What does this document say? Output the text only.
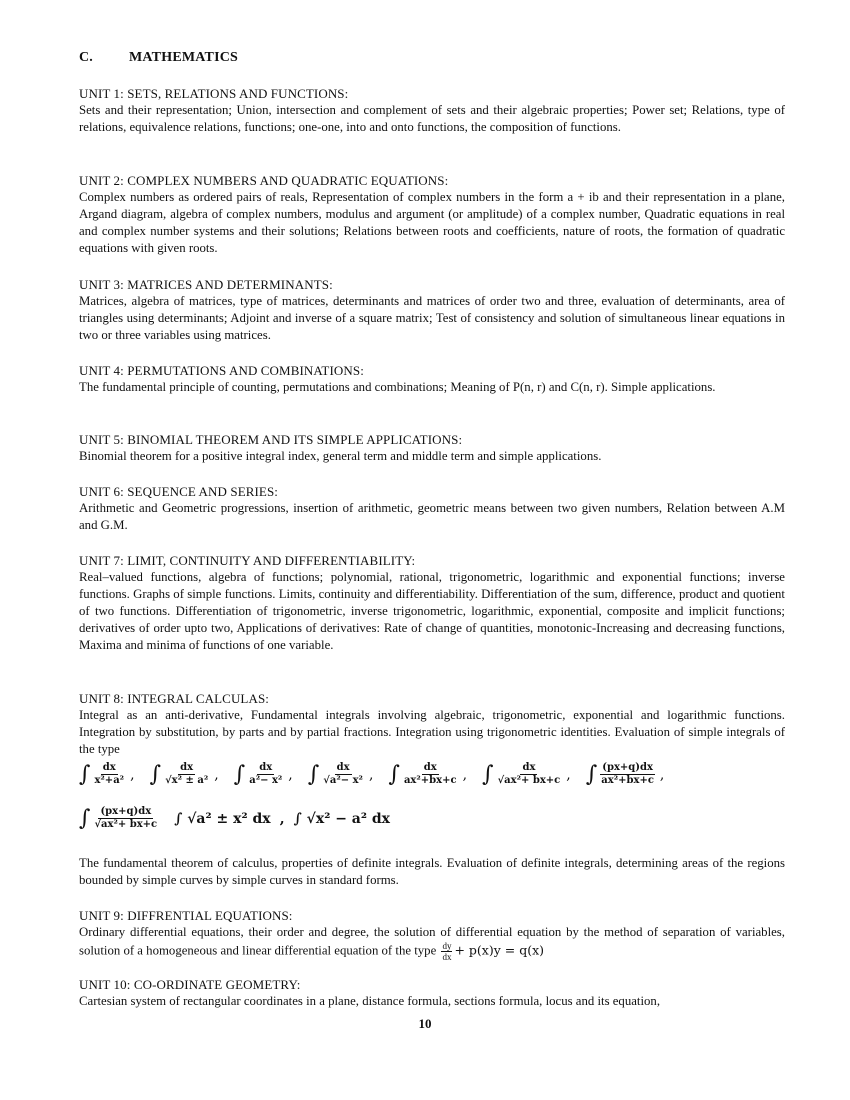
C.	MATHEMATICS
UNIT 1: SETS, RELATIONS AND FUNCTIONS:
Sets and their representation; Union, intersection and complement of sets and their algebraic properties; Power set; Relations, type of relations, equivalence relations, functions; one-one, into and onto functions, the composition of functions.
UNIT 2: COMPLEX NUMBERS AND QUADRATIC EQUATIONS:
Complex numbers as ordered pairs of reals, Representation of complex numbers in the form a + ib and their representation in a plane, Argand diagram, algebra of complex numbers, modulus and argument (or amplitude) of a complex number, Quadratic equations in real and complex number systems and their solutions; Relations between roots and coefficients, nature of roots, the formation of quadratic equations with given roots.
UNIT 3: MATRICES AND DETERMINANTS:
Matrices, algebra of matrices, type of matrices, determinants and matrices of order two and three, evaluation of determinants, area of triangles using determinants; Adjoint and inverse of a square matrix; Test of consistency and solution of simultaneous linear equations in two or three variables using matrices.
UNIT 4: PERMUTATIONS AND COMBINATIONS:
The fundamental principle of counting, permutations and combinations; Meaning of P(n, r) and C(n, r). Simple applications.
UNIT 5: BINOMIAL THEOREM AND ITS SIMPLE APPLICATIONS:
Binomial theorem for a positive integral index, general term and middle term and simple applications.
UNIT 6: SEQUENCE AND SERIES:
Arithmetic and Geometric progressions, insertion of arithmetic, geometric means between two given numbers, Relation between A.M and G.M.
UNIT 7: LIMIT, CONTINUITY AND DIFFERENTIABILITY:
Real–valued functions, algebra of functions; polynomial, rational, trigonometric, logarithmic and exponential functions; inverse functions. Graphs of simple functions. Limits, continuity and differentiability. Differentiation of the sum, difference, product and quotient of two functions. Differentiation of trigonometric, inverse trigonometric, logarithmic, exponential, composite and implicit functions; derivatives of order upto two, Applications of derivatives: Rate of change of quantities, monotonic-Increasing and decreasing functions, Maxima and minima of functions of one variable.
UNIT 8: INTEGRAL CALCULAS:
Integral as an anti-derivative, Fundamental integrals involving algebraic, trigonometric, exponential and logarithmic functions. Integration by substitution, by parts and by partial fractions. Integration using trigonometric identities. Evaluation of simple integrals of the type
∫ $\frac{dx}{\text{x²+a²}}$ ,
∫ $\frac{dx}{\text{√x² ± a²}}$ ,
∫ $\frac{dx}{\text{a²− x²}}$ ,
∫ $\frac{dx}{\text{√a²− x²}}$ ,
∫ $\frac{dx}{\text{ax²+bx+c}}$ ,
∫ $\frac{dx}{\text{√ax²+ bx+c}}$ ,
∫ $\frac{(px+q)dx}{\text{ax²+bx+c}}$ ,
∫ $\frac{(px+q)dx}{\text{√ax²+ bx+c}}$ ∫ √a² ± x² dx , ∫ √x² − a² dx
The fundamental theorem of calculus, properties of definite integrals. Evaluation of definite integrals, determining areas of the regions bounded by simple curves by simple curves in standard forms.
UNIT 9: DIFFRENTIAL EQUATIONS:
Ordinary differential equations, their order and degree, the solution of differential equation by the method of separation of variables, solution of a homogeneous and linear differential equation of the type $\frac{dy}{dx} + p(x)y = q(x)$
UNIT 10: CO-ORDINATE GEOMETRY:
Cartesian system of rectangular coordinates in a plane, distance formula, sections formula, locus and its equation,
10
